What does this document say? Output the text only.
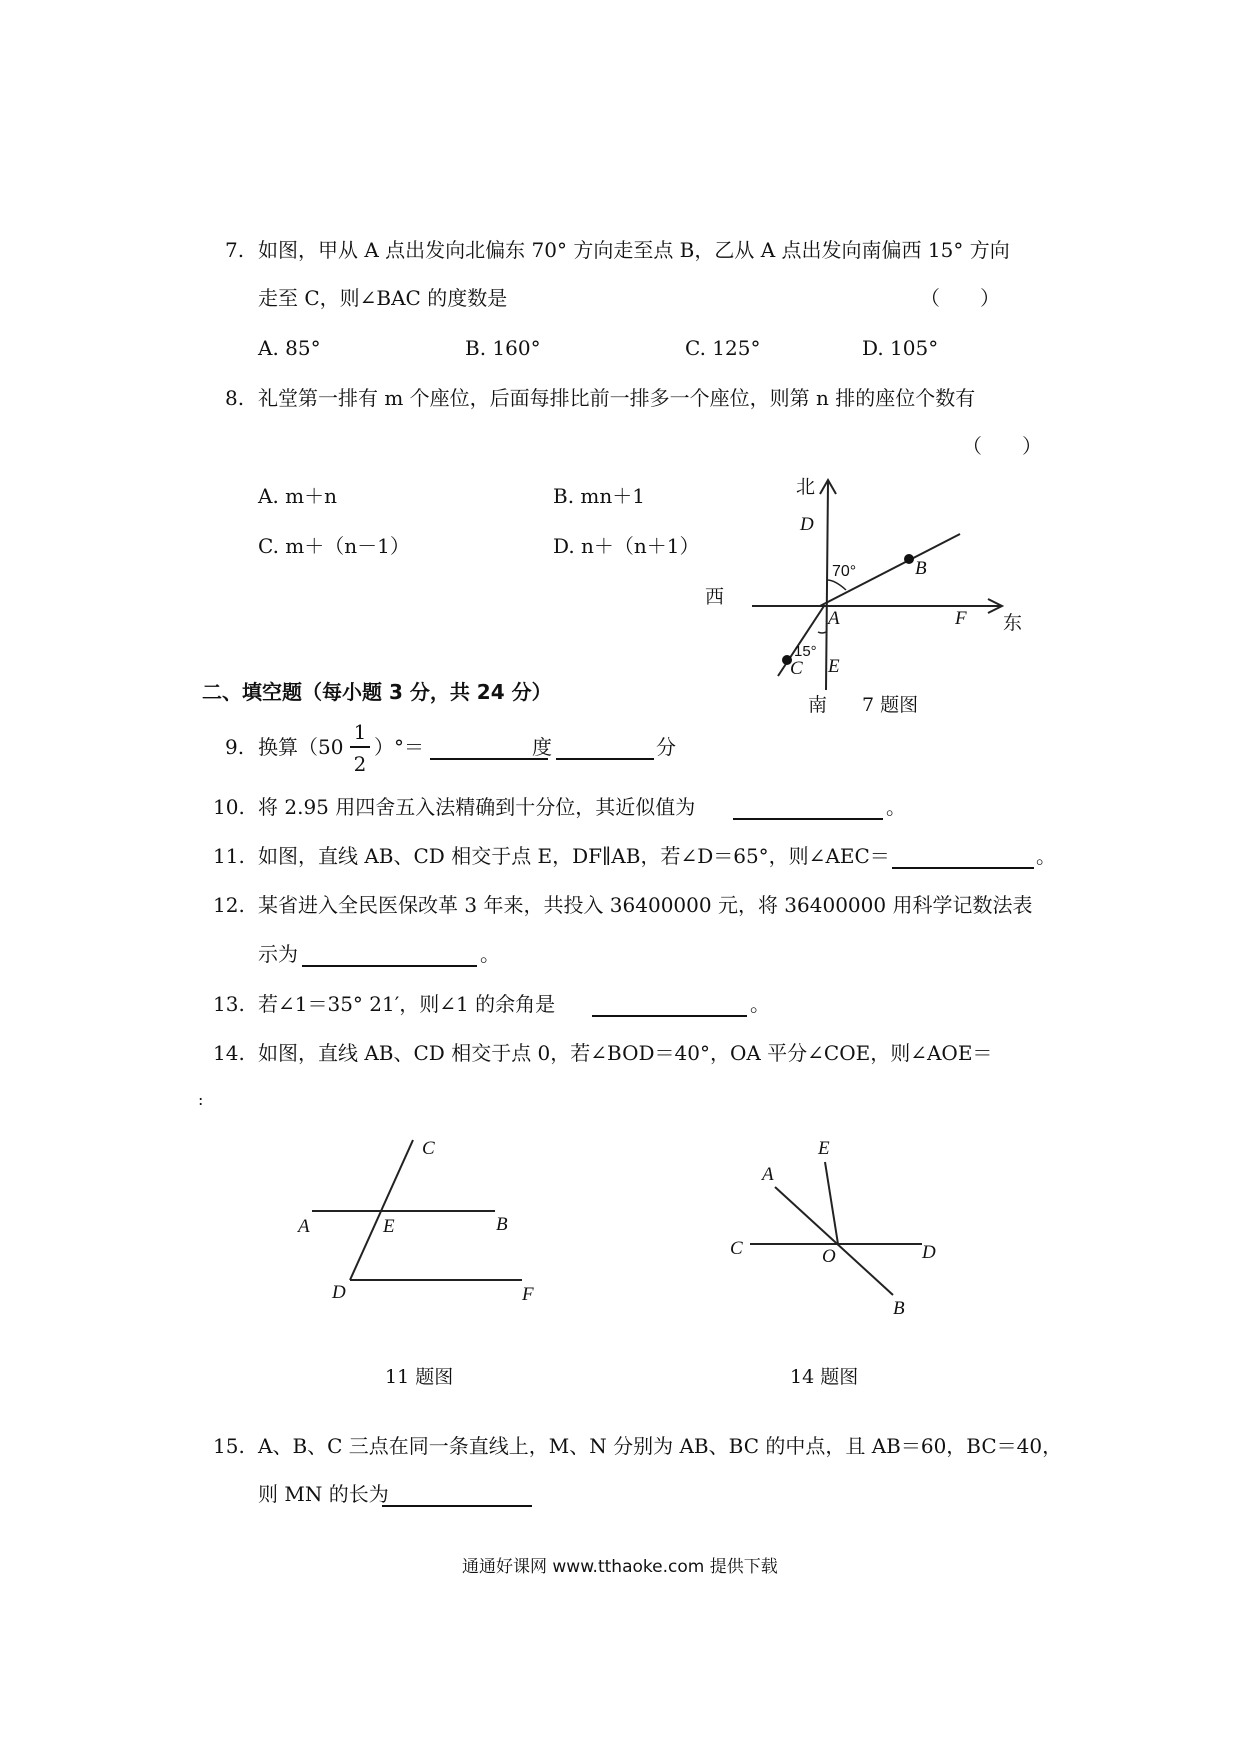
7. 如图，甲从 A 点出发向北偏东 70° 方向走至点 B，乙从 A 点出发向南偏西 15° 方向
走至 C，则∠BAC 的度数是	（　　）
A. 85°	B. 160°	C. 125°	D. 105°
8. 礼堂第一排有 m 个座位，后面每排比前一排多一个座位，则第 n 排的座位个数有
（　　）
A. m＋n	B. mn＋1
C. m＋（n－1）	D. n＋（n＋1）
北
D
70°	B
西
A	F 东
15°
E
C
南 7 题图
二、填空题（每小题 3 分，共 24 分）
9. 换算（50
1
2
）°＝	度	分
10. 将 2.95 用四舍五入法精确到十分位，其近似值为	。
11. 如图，直线 AB、CD 相交于点 E，DF∥AB，若∠D＝65°，则∠AEC＝	。
12. 某省进入全民医保改革 3 年来，共投入 36400000 元，将 36400000 用科学记数法表
示为	。
13. 若∠1＝35° 21′，则∠1 的余角是	。
14. 如图，直线 AB、CD 相交于点 0，若∠BOD＝40°，OA 平分∠COE，则∠AOE＝
:
C
A	E	B
D	F
11 题图
E
A
C	O	D
B
14 题图
15. A、B、C 三点在同一条直线上，M、N 分别为 AB、BC 的中点，且 AB＝60，BC＝40，
则 MN 的长为
通通好课网 www.tthaoke.com 提供下载
